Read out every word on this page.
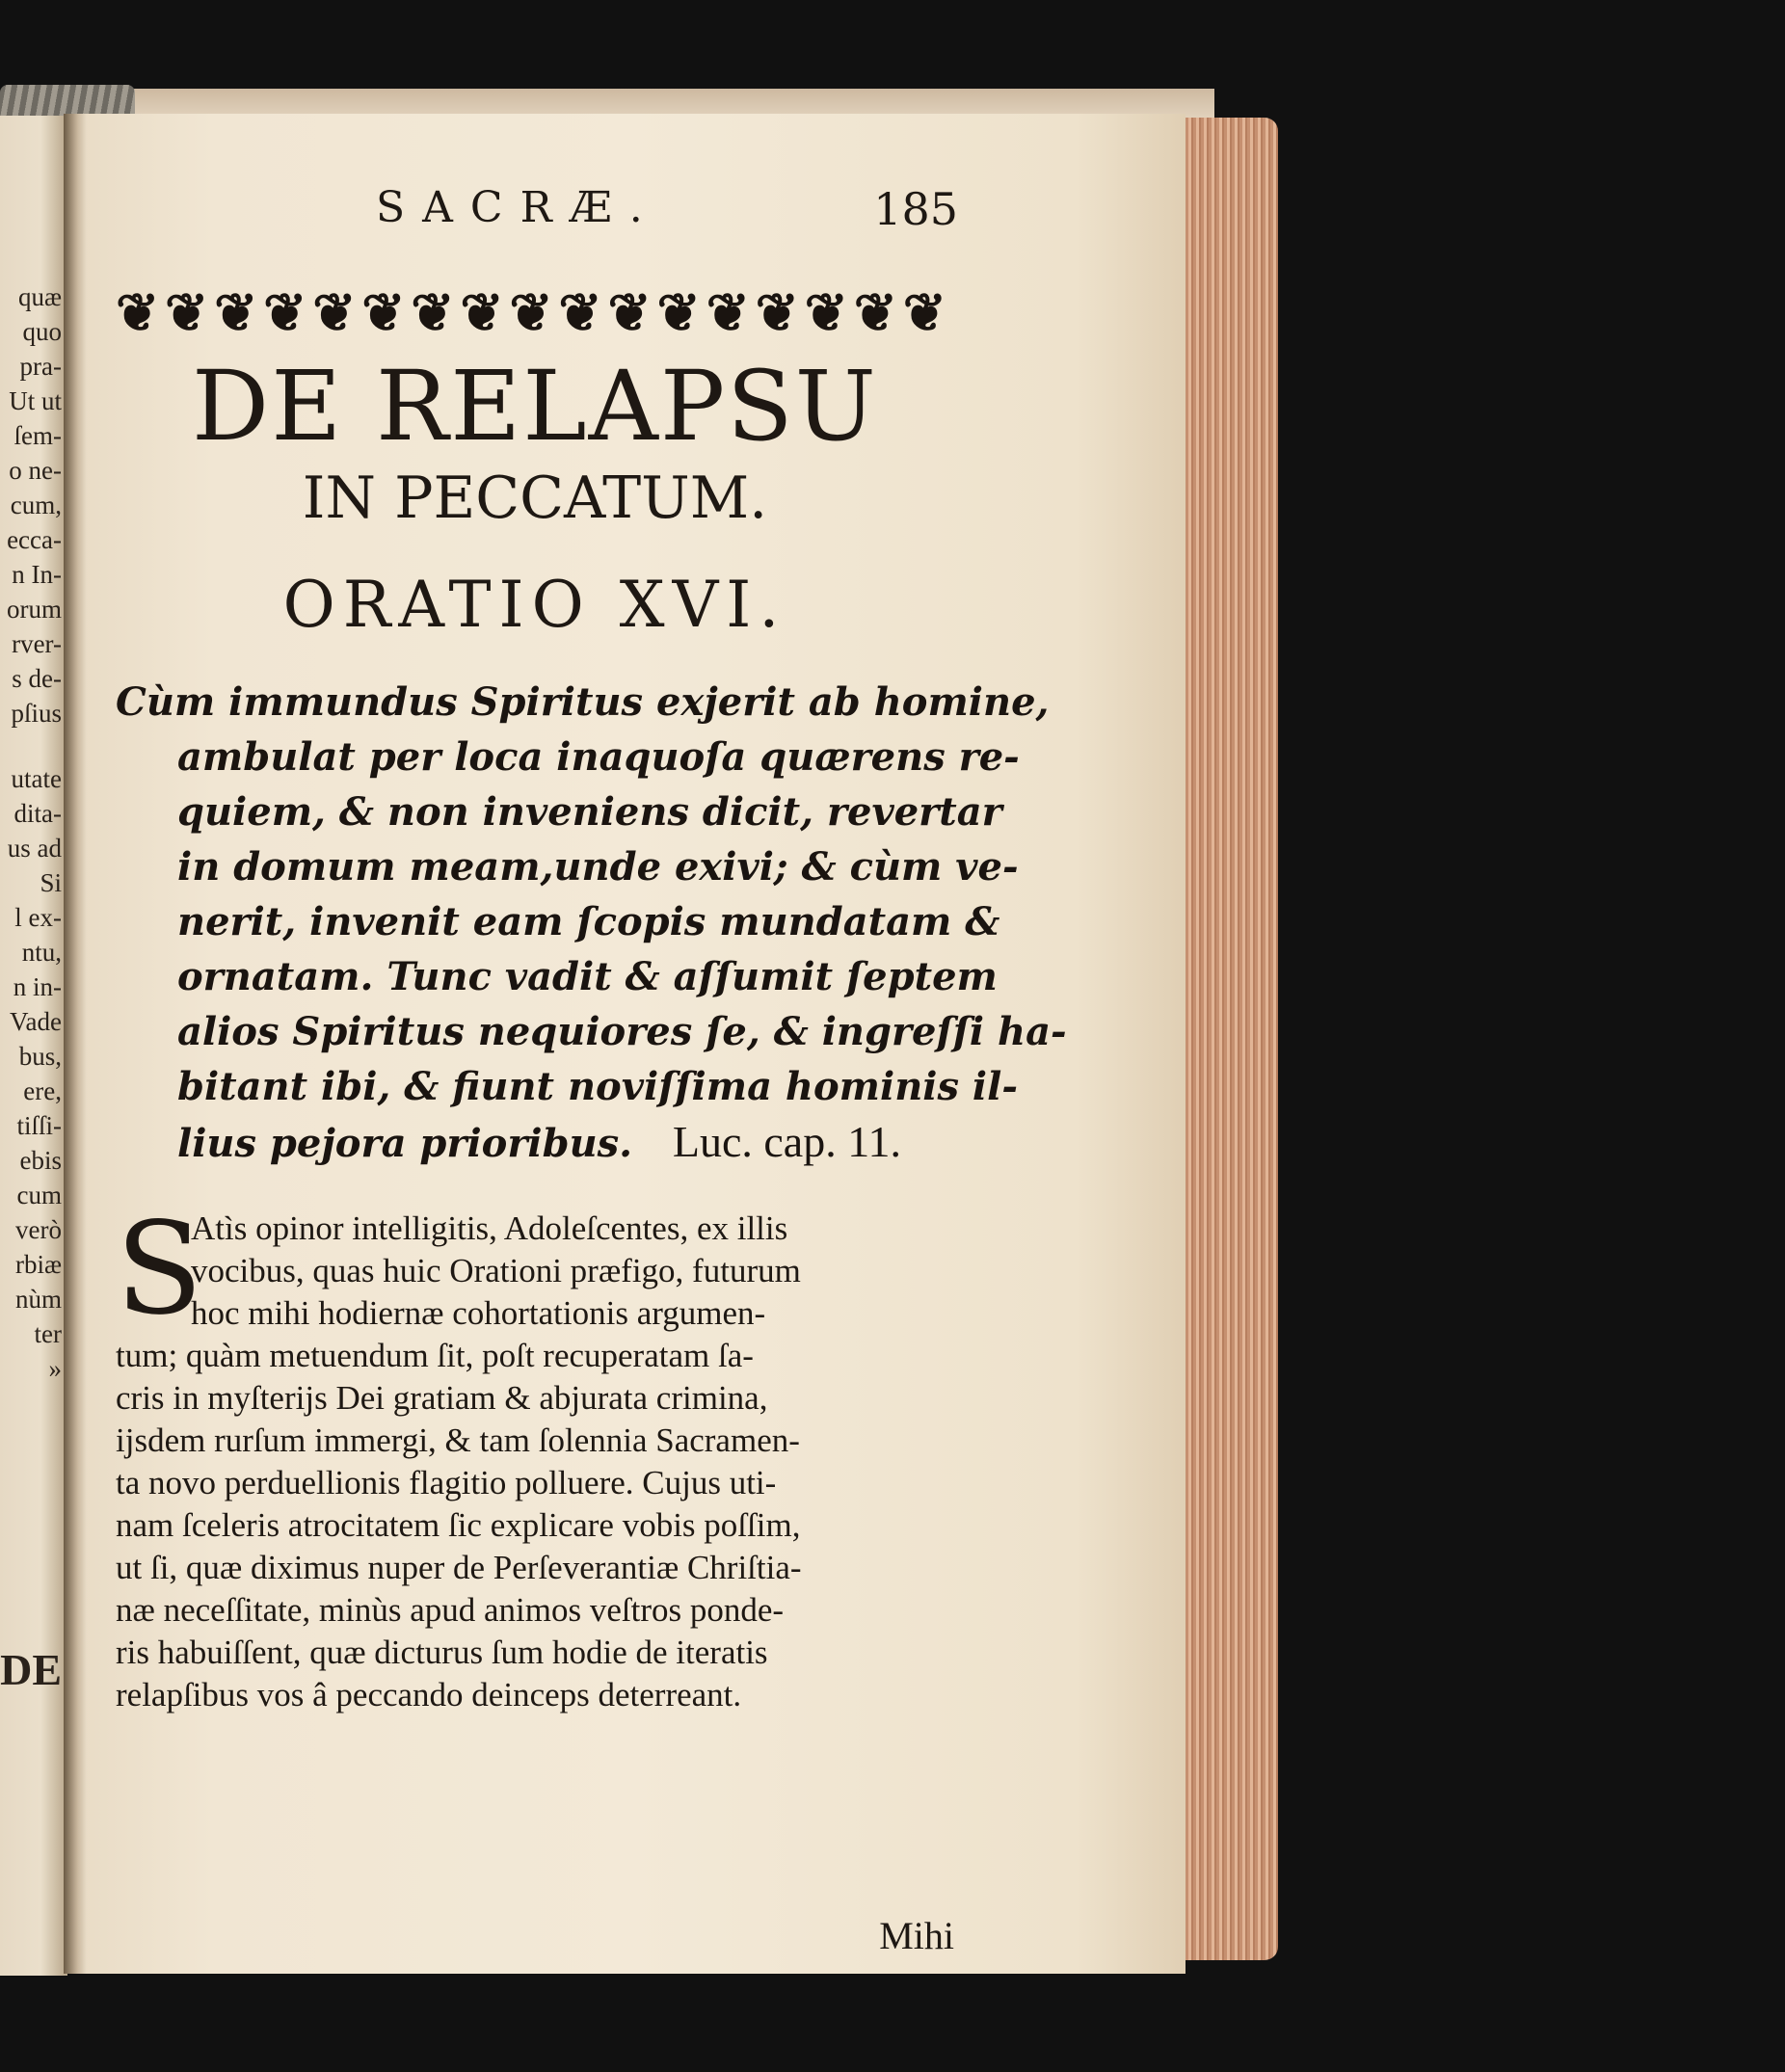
quæ
quo
pra-
Ut ut
ſem-
o ne-
cum,
ecca-
n In-
orum
rver-
s de-
pſius
utate
dita-
us ad
Si
l ex-
ntu,
n in-
Vade
bus,
ere,
tiſſi-
ebis
cum
verò
rbiæ
nùm
ter
»
DE
SACRÆ.	185
❦ ❦ ❦ ❦ ❦ ❦ ❦ ❦ ❦ ❦ ❦ ❦ ❦ ❦ ❦ ❦ ❦
DE RELAPSU
IN PECCATUM.
ORATIO XVI.
Cùm immundus Spiritus exjerit ab homine,
ambulat per loca inaquoſa quærens re-
quiem, & non inveniens dicit, revertar
in domum meam,unde exivi; & cùm ve-
nerit, invenit eam ſcopis mundatam &
ornatam. Tunc vadit & aſſumit ſeptem
alios Spiritus nequiores ſe, & ingreſſi ha-
bitant ibi, & fiunt noviſſima hominis il-
lius pejora prioribus. Luc. cap. 11.
S
Atìs opinor intelligitis, Adoleſcentes, ex illis
vocibus, quas huic Orationi præfigo, futurum
hoc mihi hodiernæ cohortationis argumen-
tum; quàm metuendum ſit, poſt recuperatam ſa-
cris in myſterijs Dei gratiam & abjurata crimina,
ijsdem rurſum immergi, & tam ſolennia Sacramen-
ta novo perduellionis flagitio polluere. Cujus uti-
nam ſceleris atrocitatem ſic explicare vobis poſſim,
ut ſi, quæ diximus nuper de Perſeverantiæ Chriſtia-
næ neceſſitate, minùs apud animos veſtros ponde-
ris habuiſſent, quæ dicturus ſum hodie de iteratis
relapſibus vos â peccando deinceps deterreant.
Mihi
